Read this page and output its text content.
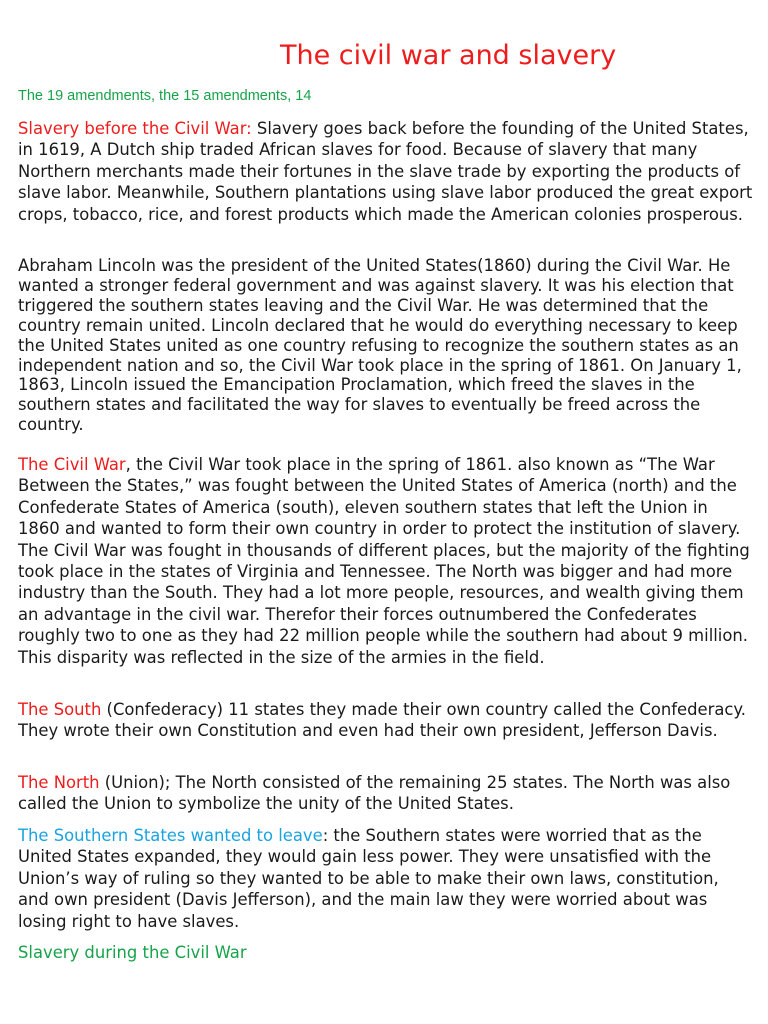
The civil war and slavery

The 19 amendments, the 15 amendments, 14

Slavery before the Civil War: Slavery goes back before the founding of the United States, in 1619, A Dutch ship traded African slaves for food. Because of slavery that many Northern merchants made their fortunes in the slave trade by exporting the products of slave labor. Meanwhile, Southern plantations using slave labor produced the great export crops, tobacco, rice, and forest products which made the American colonies prosperous.

Abraham Lincoln was the president of the United States(1860) during the Civil War. He wanted a stronger federal government and was against slavery. It was his election that triggered the southern states leaving and the Civil War. He was determined that the country remain united. Lincoln declared that he would do everything necessary to keep the United States united as one country refusing to recognize the southern states as an independent nation and so, the Civil War took place in the spring of 1861. On January 1, 1863, Lincoln issued the Emancipation Proclamation, which freed the slaves in the southern states and facilitated the way for slaves to eventually be freed across the country.

The Civil War, the Civil War took place in the spring of 1861. also known as “The War Between the States,” was fought between the United States of America (north) and the Confederate States of America (south), eleven southern states that left the Union in 1860 and wanted to form their own country in order to protect the institution of slavery. The Civil War was fought in thousands of different places, but the majority of the fighting took place in the states of Virginia and Tennessee. The North was bigger and had more industry than the South. They had a lot more people, resources, and wealth giving them an advantage in the civil war. Therefor their forces outnumbered the Confederates roughly two to one as they had 22 million people while the southern had about 9 million. This disparity was reflected in the size of the armies in the field.

The South (Confederacy) 11 states they made their own country called the Confederacy. They wrote their own Constitution and even had their own president, Jefferson Davis.

The North (Union); The North consisted of the remaining 25 states. The North was also called the Union to symbolize the unity of the United States.

The Southern States wanted to leave: the Southern states were worried that as the United States expanded, they would gain less power. They were unsatisfied with the Union’s way of ruling so they wanted to be able to make their own laws, constitution, and own president (Davis Jefferson), and the main law they were worried about was losing right to have slaves.

Slavery during the Civil War
